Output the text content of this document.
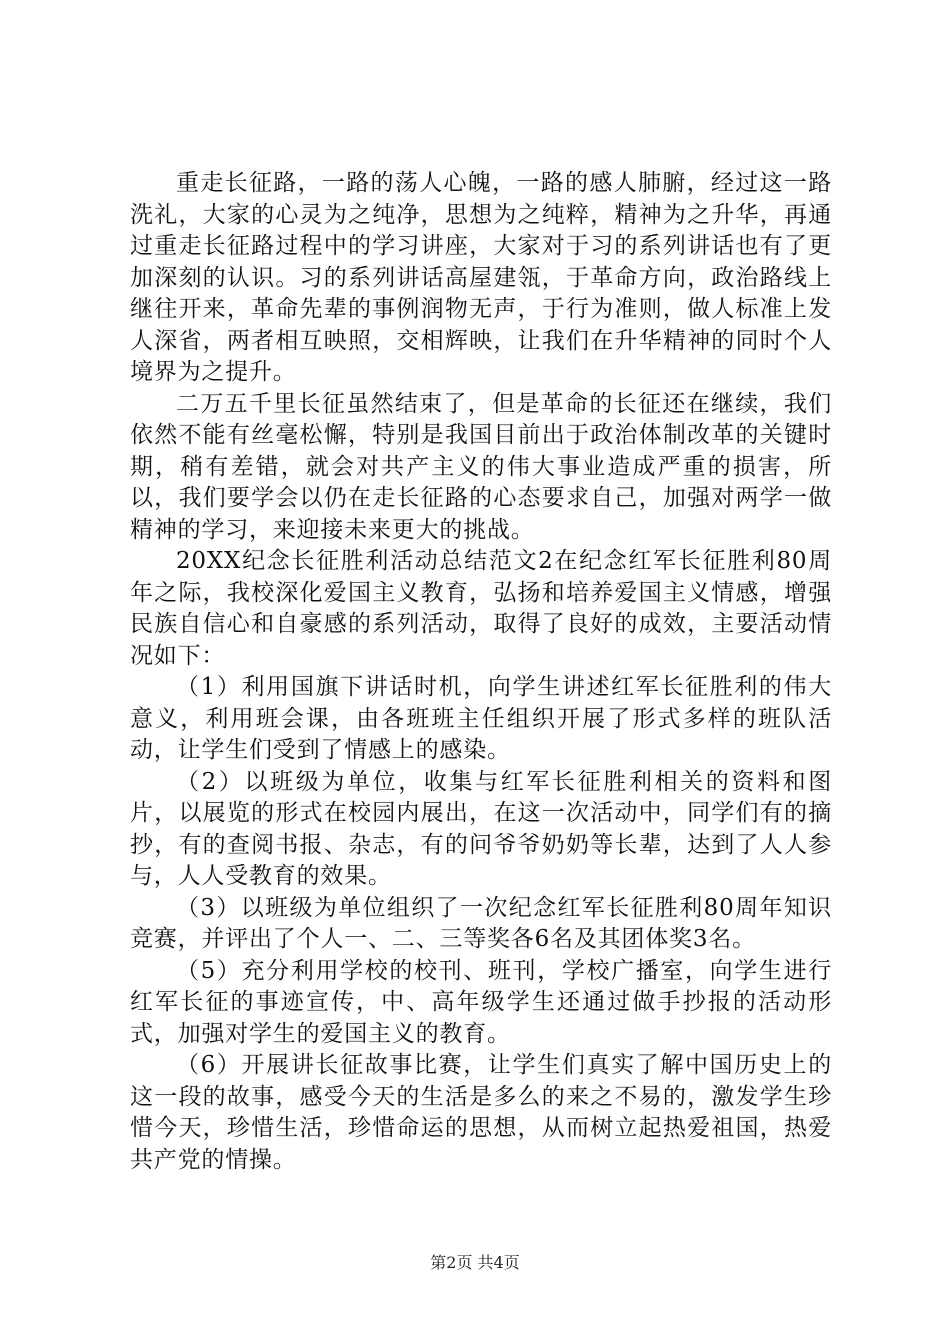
重走长征路，一路的荡人心魄，一路的感人肺腑，经过这一路洗礼，大家的心灵为之纯净，思想为之纯粹，精神为之升华，再通过重走长征路过程中的学习讲座，大家对于习的系列讲话也有了更加深刻的认识。习的系列讲话高屋建瓴，于革命方向，政治路线上继往开来，革命先辈的事例润物无声，于行为准则，做人标准上发人深省，两者相互映照，交相辉映，让我们在升华精神的同时个人境界为之提升。

二万五千里长征虽然结束了，但是革命的长征还在继续，我们依然不能有丝毫松懈，特别是我国目前出于政治体制改革的关键时期，稍有差错，就会对共产主义的伟大事业造成严重的损害，所以，我们要学会以仍在走长征路的心态要求自己，加强对两学一做精神的学习，来迎接未来更大的挑战。

20XX纪念长征胜利活动总结范文2在纪念红军长征胜利80周年之际，我校深化爱国主义教育，弘扬和培养爱国主义情感，增强民族自信心和自豪感的系列活动，取得了良好的成效，主要活动情况如下：

（1）利用国旗下讲话时机，向学生讲述红军长征胜利的伟大意义，利用班会课，由各班班主任组织开展了形式多样的班队活动，让学生们受到了情感上的感染。

（2）以班级为单位，收集与红军长征胜利相关的资料和图片，以展览的形式在校园内展出，在这一次活动中，同学们有的摘抄，有的查阅书报、杂志，有的问爷爷奶奶等长辈，达到了人人参与，人人受教育的效果。

（3）以班级为单位组织了一次纪念红军长征胜利80周年知识竞赛，并评出了个人一、二、三等奖各6名及其团体奖3名。

（5）充分利用学校的校刊、班刊，学校广播室，向学生进行红军长征的事迹宣传，中、高年级学生还通过做手抄报的活动形式，加强对学生的爱国主义的教育。

（6）开展讲长征故事比赛，让学生们真实了解中国历史上的这一段的故事，感受今天的生活是多么的来之不易的，激发学生珍惜今天，珍惜生活，珍惜命运的思想，从而树立起热爱祖国，热爱共产党的情操。

第2页 共4页
